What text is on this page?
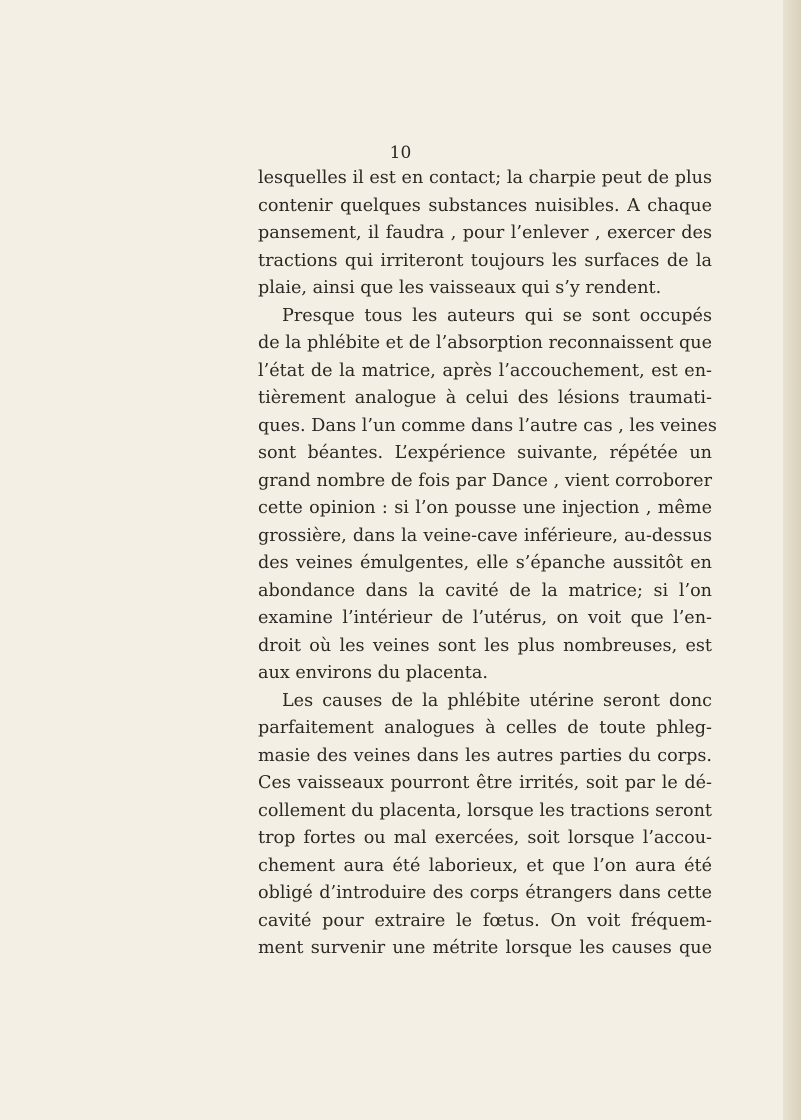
10
lesquelles il est en contact; la charpie peut de plus
contenir quelques substances nuisibles. A chaque
pansement, il faudra , pour l’enlever , exercer des
tractions qui irriteront toujours les surfaces de la
plaie, ainsi que les vaisseaux qui s’y rendent.
Presque tous les auteurs qui se sont occupés
de la phlébite et de l’absorption reconnaissent que
l’état de la matrice, après l’accouchement, est en-
tièrement analogue à celui des lésions traumati-
ques. Dans l’un comme dans l’autre cas , les veines
sont béantes. L’expérience suivante, répétée un
grand nombre de fois par Dance , vient corroborer
cette opinion : si l’on pousse une injection , même
grossière, dans la veine-cave inférieure, au-dessus
des veines émulgentes, elle s’épanche aussitôt en
abondance dans la cavité de la matrice; si l’on
examine l’intérieur de l’utérus, on voit que l’en-
droit où les veines sont les plus nombreuses, est
aux environs du placenta.
Les causes de la phlébite utérine seront donc
parfaitement analogues à celles de toute phleg-
masie des veines dans les autres parties du corps.
Ces vaisseaux pourront être irrités, soit par le dé-
collement du placenta, lorsque les tractions seront
trop fortes ou mal exercées, soit lorsque l’accou-
chement aura été laborieux, et que l’on aura été
obligé d’introduire des corps étrangers dans cette
cavité pour extraire le fœtus. On voit fréquem-
ment survenir une métrite lorsque les causes que
